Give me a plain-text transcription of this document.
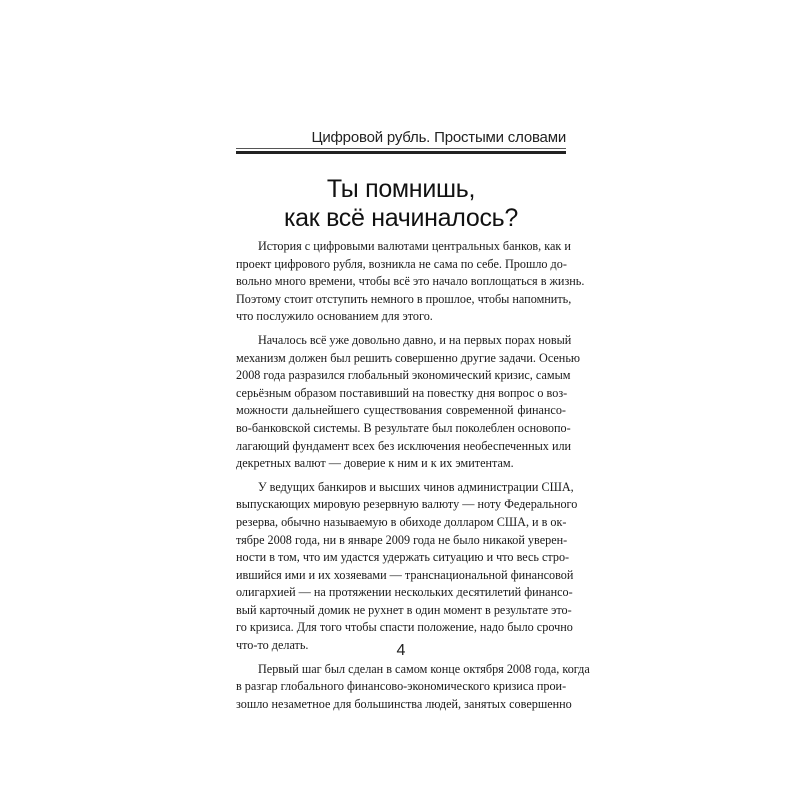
Цифровой рубль. Простыми словами
Ты помнишь,
как всё начиналось?

История с цифровыми валютами центральных банков, как и
проект цифрового рубля, возникла не сама по себе. Прошло до-
вольно много времени, чтобы всё это начало воплощаться в жизнь.
Поэтому стоит отступить немного в прошлое, чтобы напомнить,
что послужило основанием для этого.

Началось всё уже довольно давно, и на первых порах новый
механизм должен был решить совершенно другие задачи. Осенью
2008 года разразился глобальный экономический кризис, самым
серьёзным образом поставивший на повестку дня вопрос о воз-
можности дальнейшего существования современной финансо-
во-банковской системы. В результате был поколеблен основопо-
лагающий фундамент всех без исключения необеспеченных или
декретных валют — доверие к ним и к их эмитентам.

У ведущих банкиров и высших чинов администрации США,
выпускающих мировую резервную валюту — ноту Федерального
резерва, обычно называемую в обиходе долларом США, и в ок-
тябре 2008 года, ни в январе 2009 года не было никакой уверен-
ности в том, что им удастся удержать ситуацию и что весь стро-
ившийся ими и их хозяевами — транснациональной финансовой
олигархией — на протяжении нескольких десятилетий финансо-
вый карточный домик не рухнет в один момент в результате это-
го кризиса. Для того чтобы спасти положение, надо было срочно
что-то делать.

Первый шаг был сделан в самом конце октября 2008 года, когда
в разгар глобального финансово-экономического кризиса прои-
зошло незаметное для большинства людей, занятых совершенно

4
